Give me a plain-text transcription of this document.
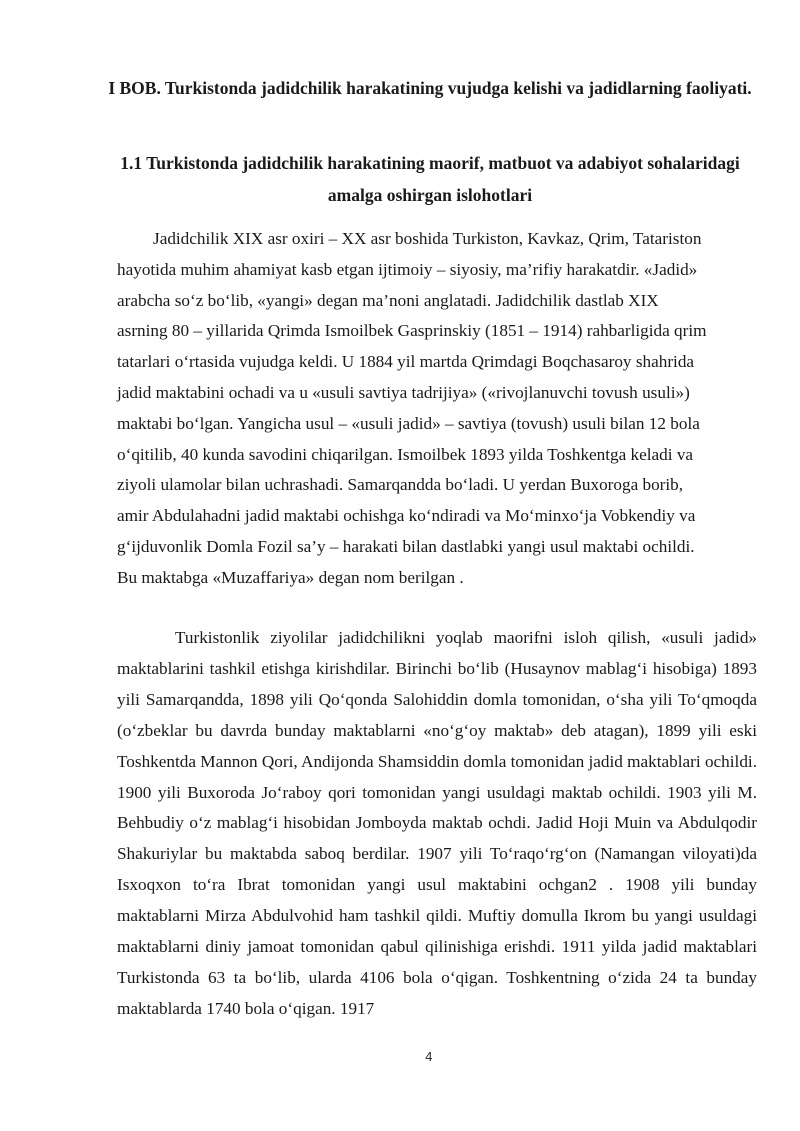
I BOB. Turkistonda jadidchilik harakatining vujudga kelishi va jadidlarning faoliyati.
1.1 Turkistonda jadidchilik harakatining maorif, matbuot va adabiyot sohalaridagi amalga oshirgan islohotlari

Jadidchilik XIX asr oxiri – XX asr boshida Turkiston, Kavkaz, Qrim, Tatariston
hayotida muhim ahamiyat kasb etgan ijtimoiy – siyosiy, ma’rifiy harakatdir. «Jadid»
arabcha so‘z bo‘lib, «yangi» degan ma’noni anglatadi. Jadidchilik dastlab XIX
asrning 80 – yillarida Qrimda Ismoilbek Gasprinskiy (1851 – 1914) rahbarligida qrim
tatarlari o‘rtasida vujudga keldi. U 1884 yil martda Qrimdagi Boqchasaroy shahrida
jadid maktabini ochadi va u «usuli savtiya tadrijiya» («rivojlanuvchi tovush usuli»)
maktabi bo‘lgan. Yangicha usul – «usuli jadid» – savtiya (tovush) usuli bilan 12 bola
o‘qitilib, 40 kunda savodini chiqarilgan. Ismoilbek 1893 yilda Toshkentga keladi va
ziyoli ulamolar bilan uchrashadi. Samarqandda bo‘ladi. U yerdan Buxoroga borib,
amir Abdulahadni jadid maktabi ochishga ko‘ndiradi va Mo‘minxo‘ja Vobkendiy va
g‘ijduvonlik Domla Fozil sa’y – harakati bilan dastlabki yangi usul maktabi ochildi.
Bu maktabga «Muzaffariya» degan nom berilgan .

Turkistonlik ziyolilar jadidchilikni yoqlab maorifni isloh qilish, «usuli jadid» maktablarini tashkil etishga kirishdilar. Birinchi bo‘lib (Husaynov mablag‘i hisobiga) 1893 yili Samarqandda, 1898 yili Qo‘qonda Salohiddin domla tomonidan, o‘sha yili To‘qmoqda (o‘zbeklar bu davrda bunday maktablarni «no‘g‘oy maktab» deb atagan), 1899 yili eski Toshkentda Mannon Qori, Andijonda Shamsiddin domla tomonidan jadid maktablari ochildi. 1900 yili Buxoroda Jo‘raboy qori tomonidan yangi usuldagi maktab ochildi. 1903 yili M. Behbudiy o‘z mablag‘i hisobidan Jomboyda maktab ochdi. Jadid Hoji Muin va Abdulqodir Shakuriylar bu maktabda saboq berdilar. 1907 yili To‘raqo‘rg‘on (Namangan viloyati)da Isxoqxon to‘ra Ibrat tomonidan yangi usul maktabini ochgan2 . 1908 yili bunday maktablarni Mirza Abdulvohid ham tashkil qildi. Muftiy domulla Ikrom bu yangi usuldagi maktablarni diniy jamoat tomonidan qabul qilinishiga erishdi. 1911 yilda jadid maktablari Turkistonda 63 ta bo‘lib, ularda 4106 bola o‘qigan. Toshkentning o‘zida 24 ta bunday maktablarda 1740 bola o‘qigan. 1917

4
